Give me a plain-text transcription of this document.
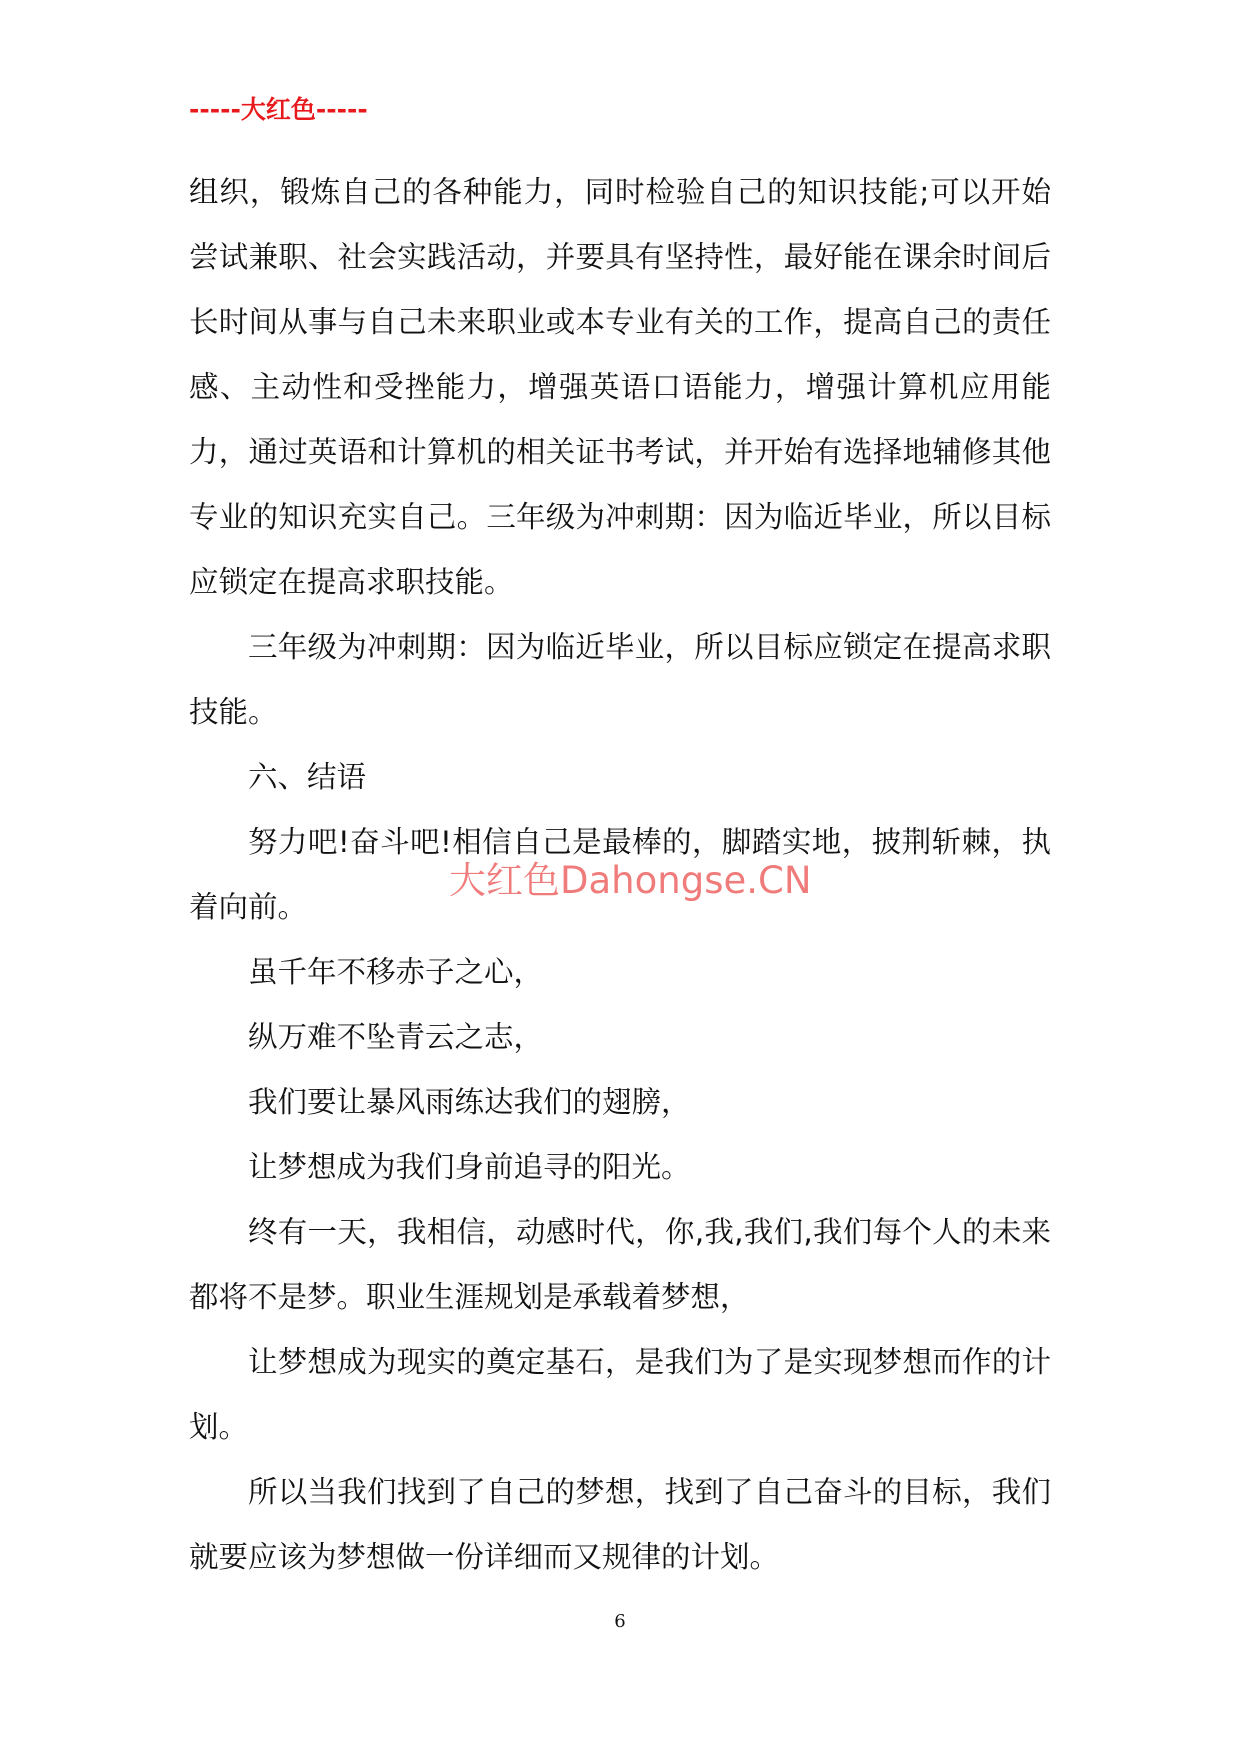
-----大红色-----

组织，锻炼自己的各种能力，同时检验自己的知识技能;可以开始尝试兼职、社会实践活动，并要具有坚持性，最好能在课余时间后长时间从事与自己未来职业或本专业有关的工作，提高自己的责任感、主动性和受挫能力，增强英语口语能力，增强计算机应用能力，通过英语和计算机的相关证书考试，并开始有选择地辅修其他专业的知识充实自己。三年级为冲刺期：因为临近毕业，所以目标应锁定在提高求职技能。

三年级为冲刺期：因为临近毕业，所以目标应锁定在提高求职技能。

六、结语

努力吧!奋斗吧!相信自己是最棒的，脚踏实地，披荆斩棘，执着向前。

虽千年不移赤子之心，

纵万难不坠青云之志，

我们要让暴风雨练达我们的翅膀，

让梦想成为我们身前追寻的阳光。

终有一天，我相信，动感时代，你,我,我们,我们每个人的未来都将不是梦。职业生涯规划是承载着梦想，

让梦想成为现实的奠定基石，是我们为了是实现梦想而作的计划。

所以当我们找到了自己的梦想，找到了自己奋斗的目标，我们就要应该为梦想做一份详细而又规律的计划。

大红色Dahongse.CN
6
